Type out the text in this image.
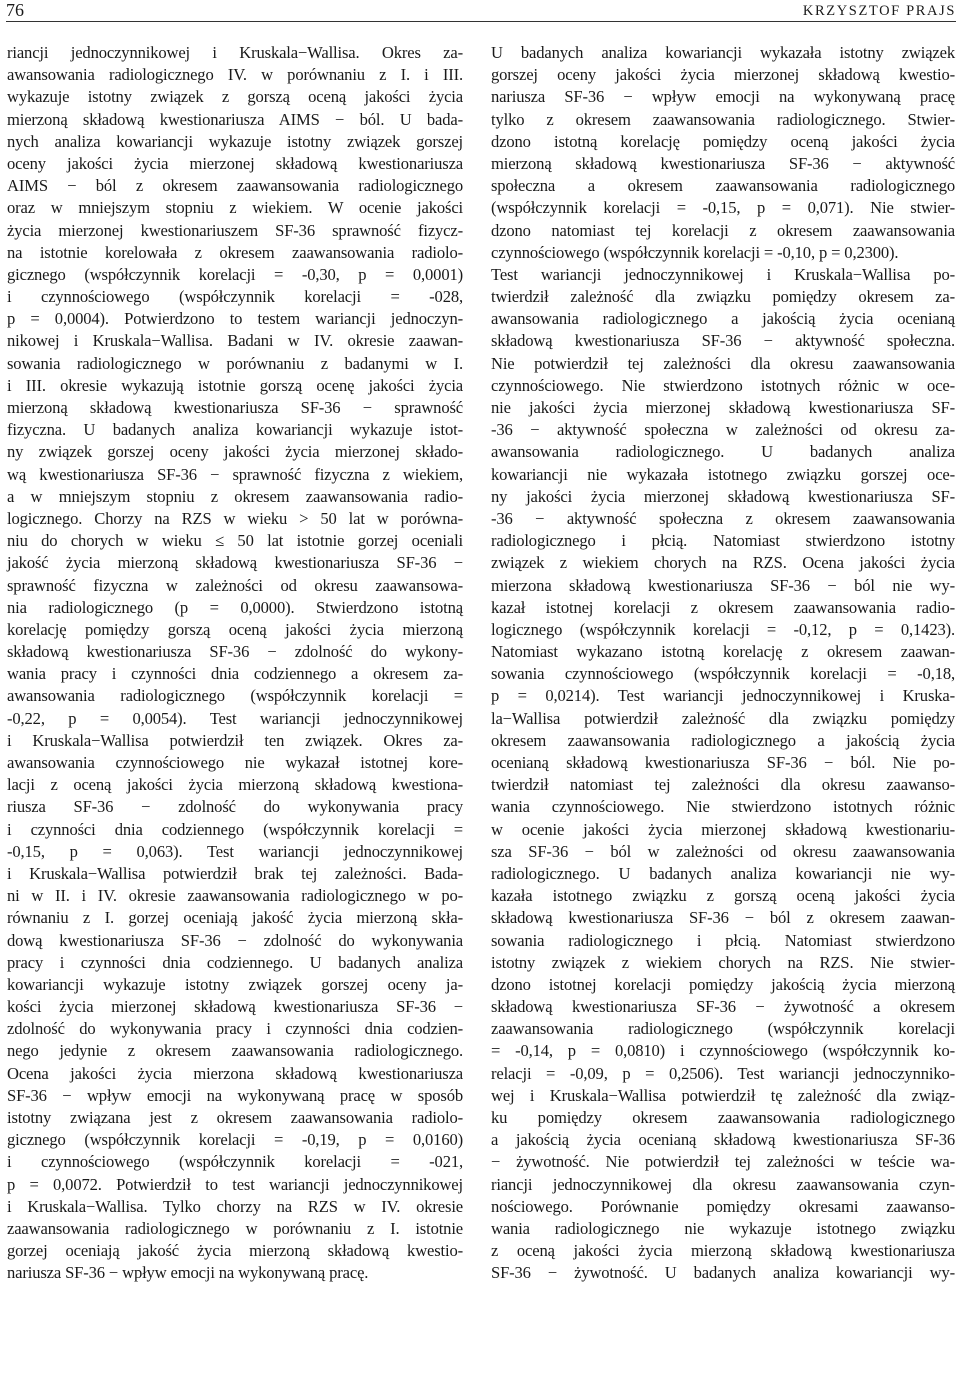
76	KRZYSZTOF PRAJS
riancji jednoczynnikowej i Kruskala−Wallisa. Okres za-
awansowania radiologicznego IV. w porównaniu z I. i III.
wykazuje istotny związek z gorszą oceną jakości życia
mierzoną składową kwestionariusza AIMS − ból. U bada-
nych analiza kowariancji wykazuje istotny związek gorszej
oceny jakości życia mierzonej składową kwestionariusza
AIMS − ból z okresem zaawansowania radiologicznego
oraz w mniejszym stopniu z wiekiem. W ocenie jakości
życia mierzonej kwestionariuszem SF-36 sprawność fizycz-
na istotnie korelowała z okresem zaawansowania radiolo-
gicznego (współczynnik korelacji = -0,30, p = 0,0001)
i czynnościowego (współczynnik korelacji = -028,
p = 0,0004). Potwierdzono to testem wariancji jednoczyn-
nikowej i Kruskala−Wallisa. Badani w IV. okresie zaawan-
sowania radiologicznego w porównaniu z badanymi w I.
i III. okresie wykazują istotnie gorszą ocenę jakości życia
mierzoną składową kwestionariusza SF-36 − sprawność
fizyczna. U badanych analiza kowariancji wykazuje istot-
ny związek gorszej oceny jakości życia mierzonej składo-
wą kwestionariusza SF-36 − sprawność fizyczna z wiekiem,
a w mniejszym stopniu z okresem zaawansowania radio-
logicznego. Chorzy na RZS w wieku > 50 lat w porówna-
niu do chorych w wieku ≤ 50 lat istotnie gorzej oceniali
jakość życia mierzoną składową kwestionariusza SF-36 −
sprawność fizyczna w zależności od okresu zaawansowa-
nia radiologicznego (p = 0,0000). Stwierdzono istotną
korelację pomiędzy gorszą oceną jakości życia mierzoną
składową kwestionariusza SF-36 − zdolność do wykony-
wania pracy i czynności dnia codziennego a okresem za-
awansowania radiologicznego (współczynnik korelacji =
-0,22, p = 0,0054). Test wariancji jednoczynnikowej
i Kruskala−Wallisa potwierdził ten związek. Okres za-
awansowania czynnościowego nie wykazał istotnej kore-
lacji z oceną jakości życia mierzoną składową kwestiona-
riusza SF-36 − zdolność do wykonywania pracy
i czynności dnia codziennego (współczynnik korelacji =
-0,15, p = 0,063). Test wariancji jednoczynnikowej
i Kruskala−Wallisa potwierdził brak tej zależności. Bada-
ni w II. i IV. okresie zaawansowania radiologicznego w po-
równaniu z I. gorzej oceniają jakość życia mierzoną skła-
dową kwestionariusza SF-36 − zdolność do wykonywania
pracy i czynności dnia codziennego. U badanych analiza
kowariancji wykazuje istotny związek gorszej oceny ja-
kości życia mierzonej składową kwestionariusza SF-36 −
zdolność do wykonywania pracy i czynności dnia codzien-
nego jedynie z okresem zaawansowania radiologicznego.
Ocena jakości życia mierzona składową kwestionariusza
SF-36 − wpływ emocji na wykonywaną pracę w sposób
istotny związana jest z okresem zaawansowania radiolo-
gicznego (współczynnik korelacji = -0,19, p = 0,0160)
i czynnościowego (współczynnik korelacji = -021,
p = 0,0072. Potwierdził to test wariancji jednoczynnikowej
i Kruskala−Wallisa. Tylko chorzy na RZS w IV. okresie
zaawansowania radiologicznego w porównaniu z I. istotnie
gorzej oceniają jakość życia mierzoną składową kwestio-
nariusza SF-36 − wpływ emocji na wykonywaną pracę.
U badanych analiza kowariancji wykazała istotny związek
gorszej oceny jakości życia mierzonej składową kwestio-
nariusza SF-36 − wpływ emocji na wykonywaną pracę
tylko z okresem zaawansowania radiologicznego. Stwier-
dzono istotną korelację pomiędzy oceną jakości życia
mierzoną składową kwestionariusza SF-36 − aktywność
społeczna a okresem zaawansowania radiologicznego
(współczynnik korelacji = -0,15, p = 0,071). Nie stwier-
dzono natomiast tej korelacji z okresem zaawansowania
czynnościowego (współczynnik korelacji = -0,10, p = 0,2300).
Test wariancji jednoczynnikowej i Kruskala−Wallisa po-
twierdził zależność dla związku pomiędzy okresem za-
awansowania radiologicznego a jakością życia ocenianą
składową kwestionariusza SF-36 − aktywność społeczna.
Nie potwierdził tej zależności dla okresu zaawansowania
czynnościowego. Nie stwierdzono istotnych różnic w oce-
nie jakości życia mierzonej składową kwestionariusza SF-
-36 − aktywność społeczna w zależności od okresu za-
awansowania radiologicznego. U badanych analiza
kowariancji nie wykazała istotnego związku gorszej oce-
ny jakości życia mierzonej składową kwestionariusza SF-
-36 − aktywność społeczna z okresem zaawansowania
radiologicznego i płcią. Natomiast stwierdzono istotny
związek z wiekiem chorych na RZS. Ocena jakości życia
mierzona składową kwestionariusza SF-36 − ból nie wy-
kazał istotnej korelacji z okresem zaawansowania radio-
logicznego (współczynnik korelacji = -0,12, p = 0,1423).
Natomiast wykazano istotną korelację z okresem zaawan-
sowania czynnościowego (współczynnik korelacji = -0,18,
p = 0,0214). Test wariancji jednoczynnikowej i Kruska-
la−Wallisa potwierdził zależność dla związku pomiędzy
okresem zaawansowania radiologicznego a jakością życia
ocenianą składową kwestionariusza SF-36 − ból. Nie po-
twierdził natomiast tej zależności dla okresu zaawanso-
wania czynnościowego. Nie stwierdzono istotnych różnic
w ocenie jakości życia mierzonej składową kwestionariu-
sza SF-36 − ból w zależności od okresu zaawansowania
radiologicznego. U badanych analiza kowariancji nie wy-
kazała istotnego związku z gorszą oceną jakości życia
składową kwestionariusza SF-36 − ból z okresem zaawan-
sowania radiologicznego i płcią. Natomiast stwierdzono
istotny związek z wiekiem chorych na RZS. Nie stwier-
dzono istotnej korelacji pomiędzy jakością życia mierzoną
składową kwestionariusza SF-36 − żywotność a okresem
zaawansowania radiologicznego (współczynnik korelacji
= -0,14, p = 0,0810) i czynnościowego (współczynnik ko-
relacji = -0,09, p = 0,2506). Test wariancji jednoczynniko-
wej i Kruskala−Wallisa potwierdził tę zależność dla związ-
ku pomiędzy okresem zaawansowania radiologicznego
a jakością życia ocenianą składową kwestionariusza SF-36
− żywotność. Nie potwierdził tej zależności w teście wa-
riancji jednoczynnikowej dla okresu zaawansowania czyn-
nościowego. Porównanie pomiędzy okresami zaawanso-
wania radiologicznego nie wykazuje istotnego związku
z oceną jakości życia mierzoną składową kwestionariusza
SF-36 − żywotność. U badanych analiza kowariancji wy-
